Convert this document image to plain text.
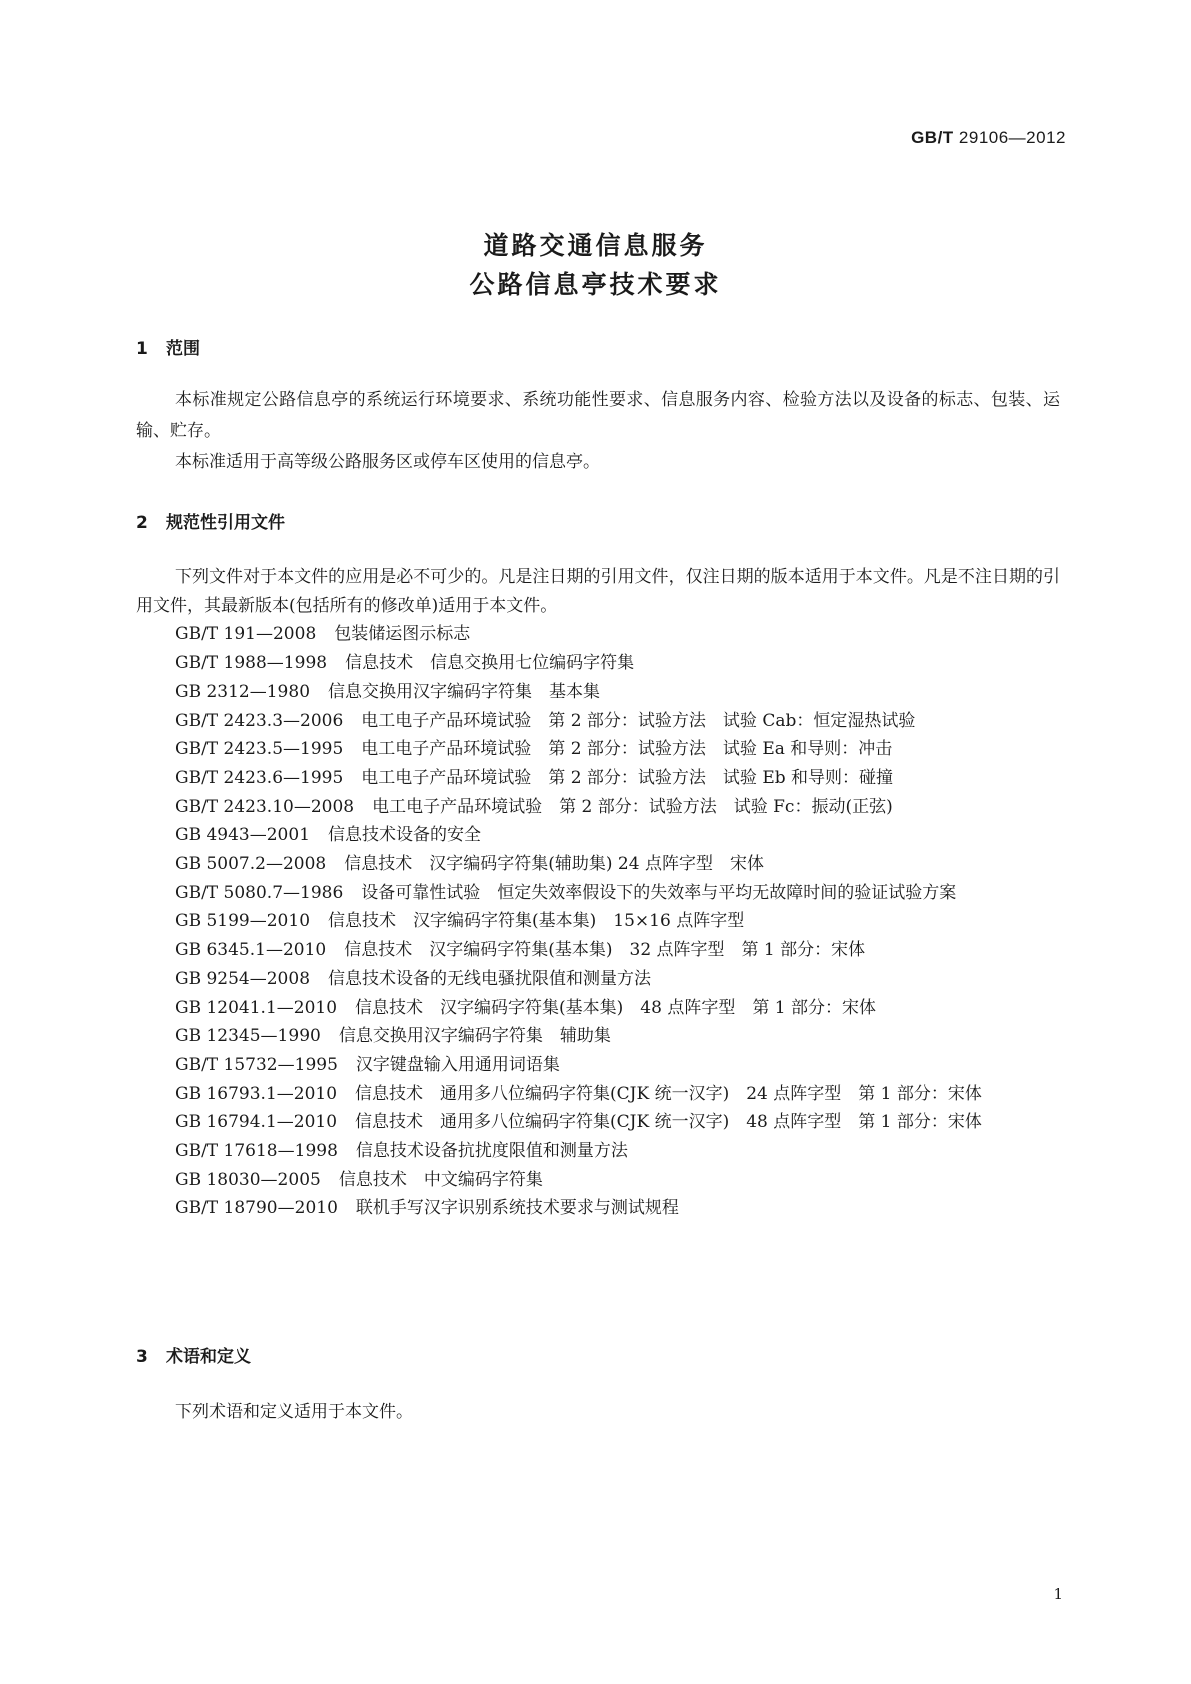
GB/T 29106—2012
道路交通信息服务
公路信息亭技术要求
1 范围

本标准规定公路信息亭的系统运行环境要求、系统功能性要求、信息服务内容、检验方法以及设备的标志、包装、运输、贮存。

本标准适用于高等级公路服务区或停车区使用的信息亭。

2 规范性引用文件

下列文件对于本文件的应用是必不可少的。凡是注日期的引用文件，仅注日期的版本适用于本文件。凡是不注日期的引用文件，其最新版本(包括所有的修改单)适用于本文件。

GB/T 191—2008 包装储运图示标志

GB/T 1988—1998 信息技术　信息交换用七位编码字符集

GB 2312—1980 信息交换用汉字编码字符集　基本集

GB/T 2423.3—2006 电工电子产品环境试验　第 2 部分：试验方法　试验 Cab：恒定湿热试验

GB/T 2423.5—1995 电工电子产品环境试验　第 2 部分：试验方法　试验 Ea 和导则：冲击

GB/T 2423.6—1995 电工电子产品环境试验　第 2 部分：试验方法　试验 Eb 和导则：碰撞

GB/T 2423.10—2008 电工电子产品环境试验　第 2 部分：试验方法　试验 Fc：振动(正弦)

GB 4943—2001 信息技术设备的安全

GB 5007.2—2008 信息技术　汉字编码字符集(辅助集) 24 点阵字型　宋体

GB/T 5080.7—1986 设备可靠性试验　恒定失效率假设下的失效率与平均无故障时间的验证试验方案

GB 5199—2010 信息技术　汉字编码字符集(基本集)　15×16 点阵字型

GB 6345.1—2010 信息技术　汉字编码字符集(基本集)　32 点阵字型　第 1 部分：宋体

GB 9254—2008 信息技术设备的无线电骚扰限值和测量方法

GB 12041.1—2010 信息技术　汉字编码字符集(基本集)　48 点阵字型　第 1 部分：宋体

GB 12345—1990 信息交换用汉字编码字符集　辅助集

GB/T 15732—1995 汉字键盘输入用通用词语集

GB 16793.1—2010 信息技术　通用多八位编码字符集(CJK 统一汉字)　24 点阵字型　第 1 部分：宋体

GB 16794.1—2010 信息技术　通用多八位编码字符集(CJK 统一汉字)　48 点阵字型　第 1 部分：宋体

GB/T 17618—1998 信息技术设备抗扰度限值和测量方法

GB 18030—2005 信息技术　中文编码字符集

GB/T 18790—2010 联机手写汉字识别系统技术要求与测试规程

3 术语和定义

下列术语和定义适用于本文件。

1
